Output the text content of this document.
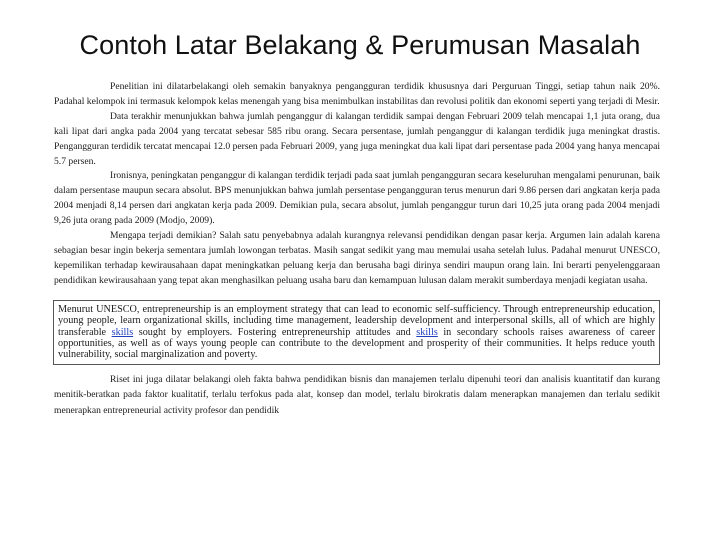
Contoh Latar Belakang & Perumusan Masalah

Penelitian ini dilatarbelakangi oleh semakin banyaknya pengangguran terdidik khususnya dari Perguruan Tinggi, setiap tahun naik 20%. Padahal kelompok ini termasuk kelompok kelas menengah yang bisa menimbulkan instabilitas dan revolusi politik dan ekonomi seperti yang terjadi di Mesir.

Data terakhir menunjukkan bahwa jumlah penganggur di kalangan terdidik sampai dengan Februari 2009 telah mencapai 1,1 juta orang, dua kali lipat dari angka pada 2004 yang tercatat sebesar 585 ribu orang. Secara persentase, jumlah penganggur di kalangan terdidik juga meningkat drastis. Pengangguran terdidik tercatat mencapai 12.0 persen pada Februari 2009, yang juga meningkat dua kali lipat dari persentase pada 2004 yang hanya mencapai 5.7 persen.

Ironisnya, peningkatan penganggur di kalangan terdidik terjadi pada saat jumlah pengangguran secara keseluruhan mengalami penurunan, baik dalam persentase maupun secara absolut. BPS menunjukkan bahwa jumlah persentase pengangguran terus menurun dari 9.86 persen dari angkatan kerja pada 2004 menjadi 8,14 persen dari angkatan kerja pada 2009. Demikian pula, secara absolut, jumlah penganggur turun dari 10,25 juta orang pada 2004 menjadi 9,26 juta orang pada 2009 (Modjo, 2009).

Mengapa terjadi demikian? Salah satu penyebabnya adalah kurangnya relevansi pendidikan dengan pasar kerja. Argumen lain adalah karena sebagian besar ingin bekerja sementara jumlah lowongan terbatas. Masih sangat sedikit yang mau memulai usaha setelah lulus. Padahal menurut UNESCO, kepemilikan terhadap kewirausahaan dapat meningkatkan peluang kerja dan berusaha bagi dirinya sendiri maupun orang lain. Ini berarti penyelenggaraan pendidikan kewirausahaan yang tepat akan menghasilkan peluang usaha baru dan kemampuan lulusan dalam merakit sumberdaya menjadi kegiatan usaha.

Menurut UNESCO, entrepreneurship is an employment strategy that can lead to economic self-sufficiency. Through entrepreneurship education, young people, learn organizational skills, including time management, leadership development and interpersonal skills, all of which are highly transferable skills sought by employers. Fostering entrepreneurship attitudes and skills in secondary schools raises awareness of career opportunities, as well as of ways young people can contribute to the development and prosperity of their communities. It helps reduce youth vulnerability, social marginalization and poverty.

Riset ini juga dilatar belakangi oleh fakta bahwa pendidikan bisnis dan manajemen terlalu dipenuhi teori dan analisis kuantitatif dan kurang menitik-beratkan pada faktor kualitatif, terlalu terfokus pada alat, konsep dan model, terlalu birokratis dalam menerapkan manajemen dan terlalu sedikit menerapkan entrepreneurial activity profesor dan pendidik
